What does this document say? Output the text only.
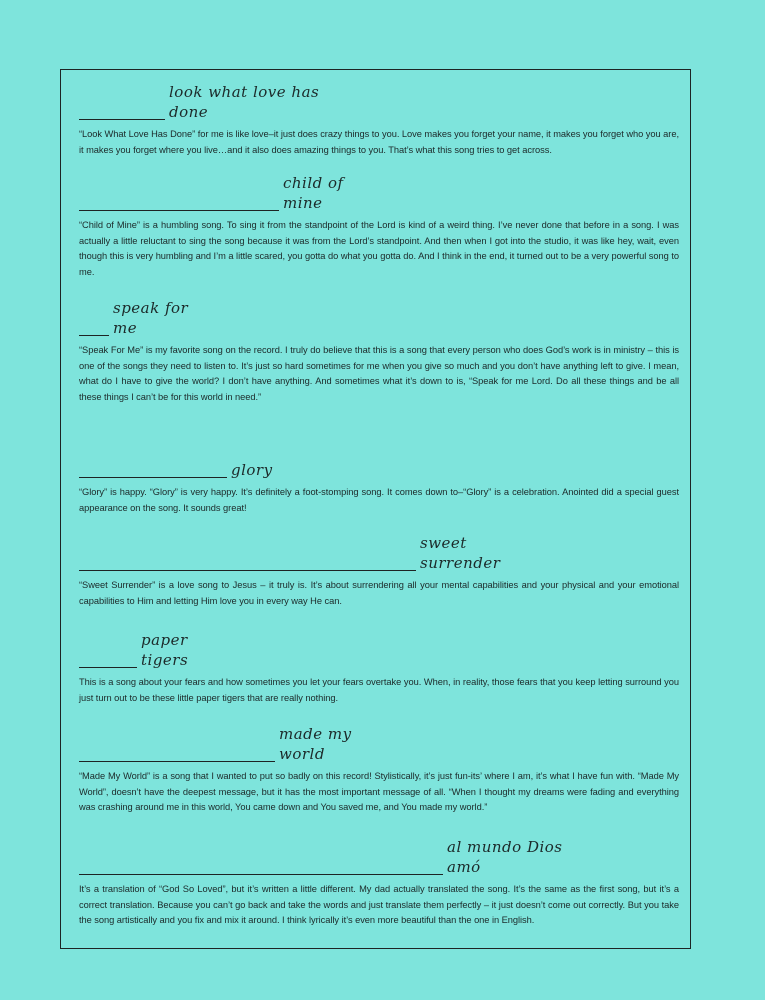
look what love has done

“Look What Love Has Done” for me is like love–it just does crazy things to you. Love makes you forget your name, it makes you forget who you are, it makes you forget where you live…and it also does amazing things to you. That’s what this song tries to get across.

child of mine

“Child of Mine” is a humbling song. To sing it from the standpoint of the Lord is kind of a weird thing. I’ve never done that before in a song. I was actually a little reluctant to sing the song because it was from the Lord’s standpoint. And then when I got into the studio, it was like hey, wait, even though this is very humbling and I’m a little scared, you gotta do what you gotta do. And I think in the end, it turned out to be a very powerful song to me.

speak for me

“Speak For Me” is my favorite song on the record. I truly do believe that this is a song that every person who does God’s work is in ministry – this is one of the songs they need to listen to. It’s just so hard sometimes for me when you give so much and you don’t have anything left to give. I mean, what do I have to give the world? I don’t have anything. And sometimes what it’s down to is, “Speak for me Lord. Do all these things and be all these things I can’t be for this world in need.”

glory

“Glory” is happy. “Glory” is very happy. It’s definitely a foot-stomping song. It comes down to–“Glory” is a celebration. Anointed did a special guest appearance on the song. It sounds great!

sweet surrender

“Sweet Surrender” is a love song to Jesus – it truly is. It’s about surrendering all your mental capabilities and your physical and your emotional capabilities to Him and letting Him love you in every way He can.

paper tigers

This is a song about your fears and how sometimes you let your fears overtake you. When, in reality, those fears that you keep letting surround you just turn out to be these little paper tigers that are really nothing.

made my world

“Made My World” is a song that I wanted to put so badly on this record! Stylistically, it’s just fun-its’ where I am, it’s what I have fun with. “Made My World”, doesn’t have the deepest message, but it has the most important message of all. “When I thought my dreams were fading and everything was crashing around me in this world, You came down and You saved me, and You made my world.”

al mundo Dios amó

It’s a translation of “God So Loved”, but it’s written a little different. My dad actually translated the song. It’s the same as the first song, but it’s a correct translation. Because you can’t go back and take the words and just translate them perfectly – it just doesn’t come out correctly. But you take the song artistically and you fix and mix it around. I think lyrically it’s even more beautiful than the one in English.
